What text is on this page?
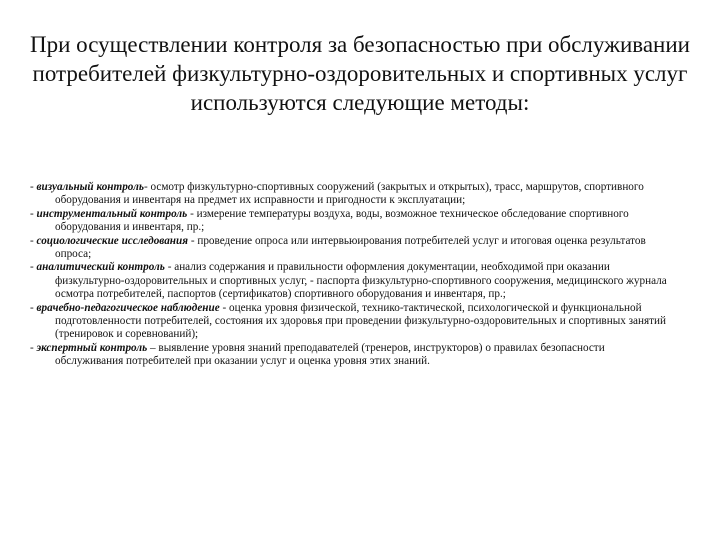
При осуществлении контроля за безопасностью при обслуживании потребителей физкультурно-оздоровительных и спортивных услуг используются следующие методы:
- визуальный контроль- осмотр физкультурно-спортивных сооружений (закрытых и открытых), трасс, маршрутов, спортивного оборудования и инвентаря на предмет их исправности и пригодности к эксплуатации;
- инструментальный контроль - измерение температуры воздуха, воды, возможное техническое обследование спортивного оборудования и инвентаря, пр.;
- социологические исследования - проведение опроса или интервьюирования потребителей услуг и итоговая оценка результатов опроса;
- аналитический контроль - анализ содержания и правильности оформления документации, необходимой при оказании физкультурно-оздоровительных и спортивных услуг, - паспорта физкультурно-спортивного сооружения, медицинского журнала осмотра потребителей, паспортов (сертификатов) спортивного оборудования и инвентаря, пр.;
- врачебно-педагогическое наблюдение - оценка уровня физической, технико-тактической, психологической и функциональной подготовленности потребителей, состояния их здоровья при проведении физкультурно-оздоровительных и спортивных занятий (тренировок и соревнований);
- экспертный контроль – выявление уровня знаний преподавателей (тренеров, инструкторов) о правилах безопасности обслуживания потребителей при оказании услуг и оценка уровня этих знаний.
